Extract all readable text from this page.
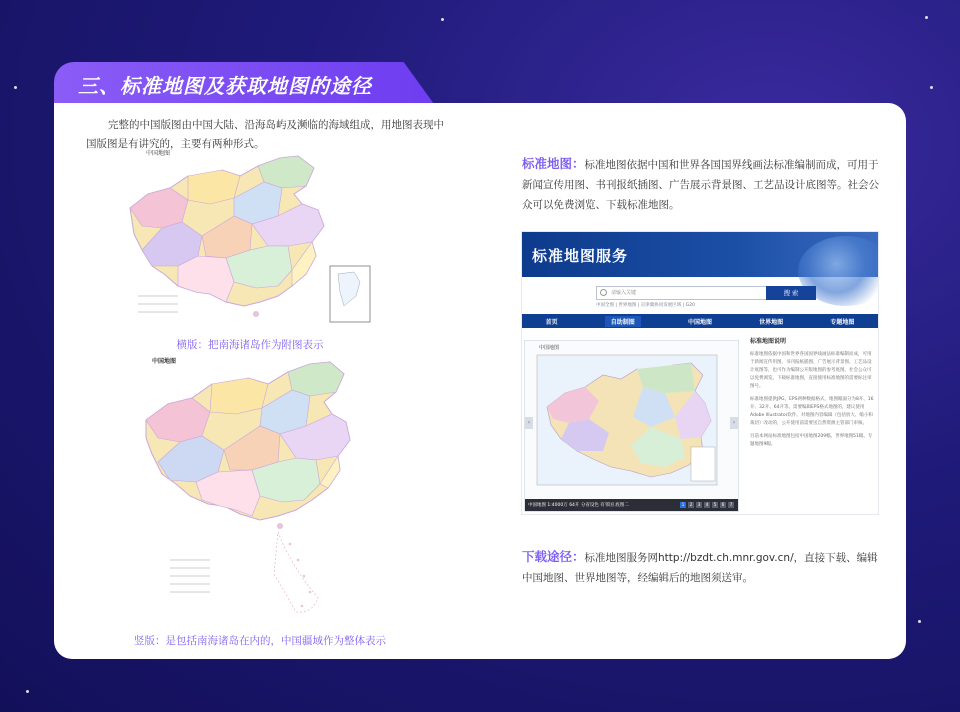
三、标准地图及获取地图的途径
完整的中国版图由中国大陆、沿海岛屿及濒临的海域组成，用地图表现中国版图是有讲究的，主要有两种形式。
中国地图
横版：把南海诸岛作为附图表示
中国地图
竖版：是包括南海诸岛在内的，中国疆域作为整体表示
标准地图：标准地图依据中国和世界各国国界线画法标准编制而成，可用于新闻宣传用图、书刊报纸插图、广告展示背景图、工艺品设计底图等。社会公众可以免费浏览、下载标准地图。
标准地图服务
请输入关键	搜 索
中国全图 | 世界地图 | 京津冀协同发展区域 | G20
首页	自助制图	中国地图	世界地图	专题地图
中国地图
‹	›
中国地图 1:4000万 64开 分省设色 有邻国 底图二	1	2	3	4	5	6	7
标准地图说明

标准地图依据中国和世界各国国界线画法标准编制而成，可用于新闻宣传用图、书刊报纸插图、广告展示背景图、工艺品设计底图等，也可作为编制公开版地图的参考底图。社会公众可以免费浏览、下载标准地图，直接使用标准地图的需要标注审图号。

标准地图提供JPG、EPS两种数据格式，地图幅面分为8开、16开、32开、64开等。需要编辑EPS格式地图的，建议使用Adobe Illustrator软件。对地图内容编辑（包括放大、缩小和裁切）改动的，公开使用前需要送自然资源主管部门审核。

目前本网站标准地图包括中国地图209幅、世界地图51幅、专题地图9幅。

下载途径：标准地图服务网http://bzdt.ch.mnr.gov.cn/，直接下载、编辑中国地图、世界地图等，经编辑后的地图须送审。
